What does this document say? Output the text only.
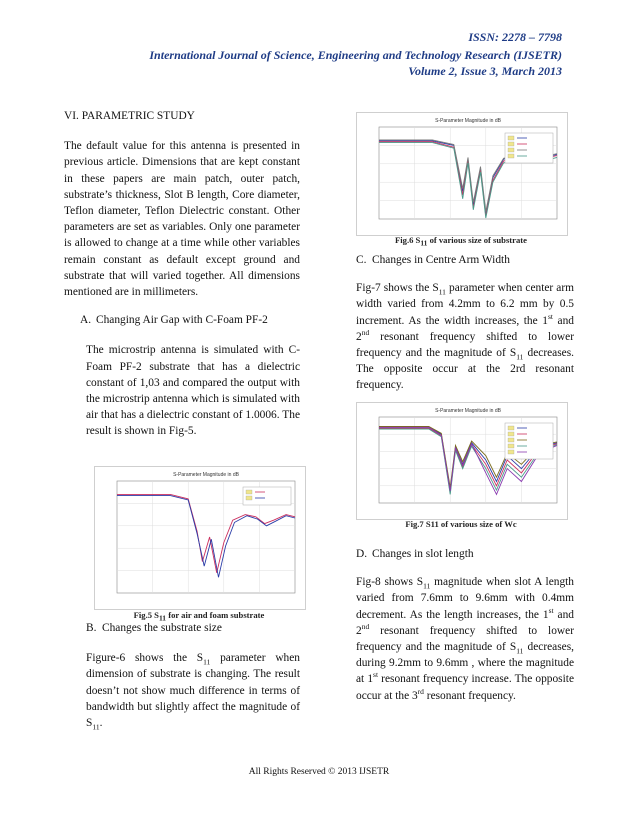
ISSN: 2278 – 7798
International Journal of Science, Engineering and Technology Research (IJSETR)
Volume 2, Issue 3, March 2013

VI. PARAMETRIC STUDY

The default value for this antenna is presented in previous article. Dimensions that are kept constant in these papers are main patch, outer patch, substrate’s thickness, Slot B length, Core diameter, Teflon diameter, Teflon Dielectric constant. Other parameters are set as variables. Only one parameter is allowed to change at a time while other variables remain constant as default except ground and substrate that will varied together. All dimensions mentioned are in millimeters.

A. Changing Air Gap with C-Foam PF-2

The microstrip antenna is simulated with C-Foam PF-2 substrate that has a dielectric constant of 1,03 and compared the output with the microstrip antenna which is simulated with air that has a dielectric constant of 1.0006. The result is shown in Fig-5.

S-Parameter Magnitude in dB
Fig.5 $S_{11}$ for air and foam substrate
B. Changes the substrate size

Figure-6 shows the $S_{11}$ parameter when dimension of substrate is changing. The result doesn’t not show much difference in terms of bandwidth but slightly affect the magnitude of $S_{11}$.

S-Parameter Magnitude in dB
Fig.6 $S_{11}$ of various size of substrate
C. Changes in Centre Arm Width

Fig-7 shows the $S_{11}$ parameter when center arm width varied from 4.2mm to 6.2 mm by 0.5 increment. As the width increases, the 1st and 2nd resonant frequency shifted to lower frequency and the magnitude of $S_{11}$ decreases. The opposite occur at the 2rd resonant frequency.

S-Parameter Magnitude in dB
Fig.7 S11 of various size of Wc
D. Changes in slot length

Fig-8 shows $S_{11}$ magnitude when slot A length varied from 7.6mm to 9.6mm with 0.4mm decrement. As the length increases, the 1st and 2nd resonant frequency shifted to lower frequency and the magnitude of $S_{11}$ decreases, during 9.2mm to 9.6mm , where the magnitude at 1st resonant frequency increase. The opposite occur at the 3rd resonant frequency.

All Rights Reserved © 2013 IJSETR
